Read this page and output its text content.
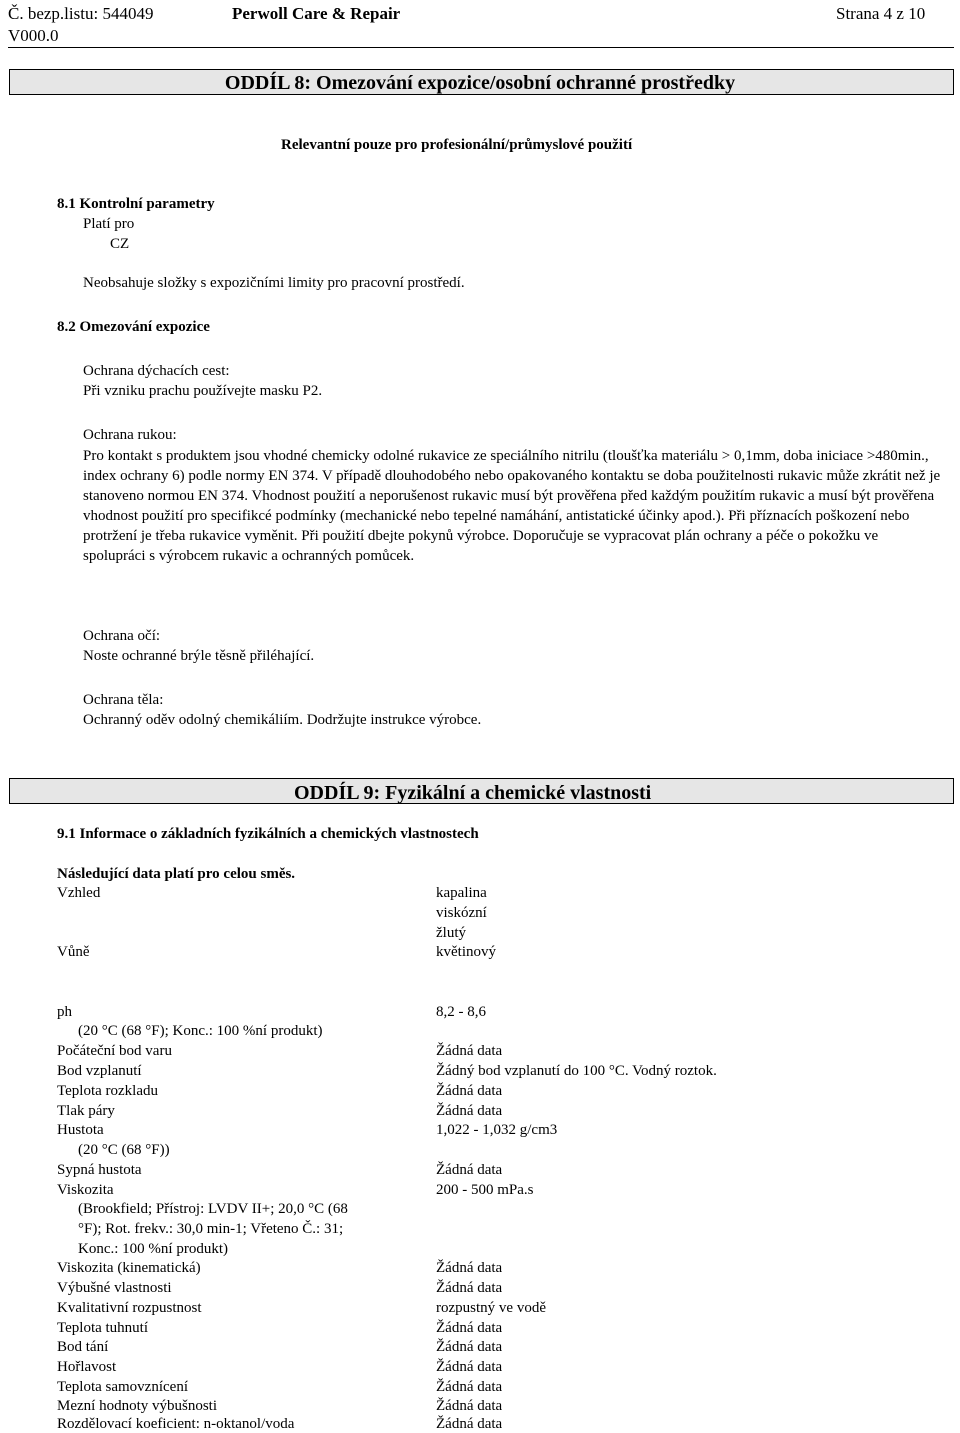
Č. bezp.listu: 544049
V000.0
Perwoll Care & Repair	Strana 4 z 10
ODDÍL 8: Omezování expozice/osobní ochranné prostředky
Relevantní pouze pro profesionální/průmyslové použití
8.1 Kontrolní parametry
Platí pro
CZ
Neobsahuje složky s expozičními limity pro pracovní prostředí.
8.2 Omezování expozice
Ochrana dýchacích cest:
Při vzniku prachu používejte masku P2.
Ochrana rukou:
Pro kontakt s produktem jsou vhodné chemicky odolné rukavice ze speciálního nitrilu (tloušťka materiálu > 0,1mm, doba iniciace >480min., index ochrany 6) podle normy EN 374. V případě dlouhodobého nebo opakovaného kontaktu se doba použitelnosti rukavic může zkrátit než je stanoveno normou EN 374. Vhodnost použití a neporušenost rukavic musí být prověřena před každým použitím rukavic a musí být prověřena vhodnost použití pro specifikcé podmínky (mechanické nebo tepelné namáhání, antistatické účinky apod.). Při příznacích poškození nebo protržení je třeba rukavice vyměnit. Při použití dbejte pokynů výrobce. Doporučuje se vypracovat plán ochrany a péče o pokožku ve spolupráci s výrobcem rukavic a ochranných pomůcek.
Ochrana očí:
Noste ochranné brýle těsně přiléhající.
Ochrana těla:
Ochranný oděv odolný chemikáliím. Dodržujte instrukce výrobce.
ODDÍL 9: Fyzikální a chemické vlastnosti
9.1 Informace o základních fyzikálních a chemických vlastnostech
Následující data platí pro celou směs.
Vzhled	kapalina
viskózní
žlutý
Vůně	květinový
ph	8,2 - 8,6
(20 °C (68 °F); Konc.: 100 %ní produkt)
Počáteční bod varu	Žádná data
Bod vzplanutí	Žádný bod vzplanutí do 100 °C. Vodný roztok.
Teplota rozkladu	Žádná data
Tlak páry	Žádná data
Hustota	1,022 - 1,032 g/cm3
(20 °C (68 °F))
Sypná hustota	Žádná data
Viskozita	200 - 500 mPa.s
(Brookfield; Přístroj: LVDV II+; 20,0 °C (68
°F); Rot. frekv.: 30,0 min-1; Vřeteno Č.: 31;
Konc.: 100 %ní produkt)
Viskozita (kinematická)	Žádná data
Výbušné vlastnosti	Žádná data
Kvalitativní rozpustnost	rozpustný ve vodě
Teplota tuhnutí	Žádná data
Bod tání	Žádná data
Hořlavost	Žádná data
Teplota samovznícení	Žádná data
Mezní hodnoty výbušnosti	Žádná data
Rozdělovací koeficient: n-oktanol/voda	Žádná data
